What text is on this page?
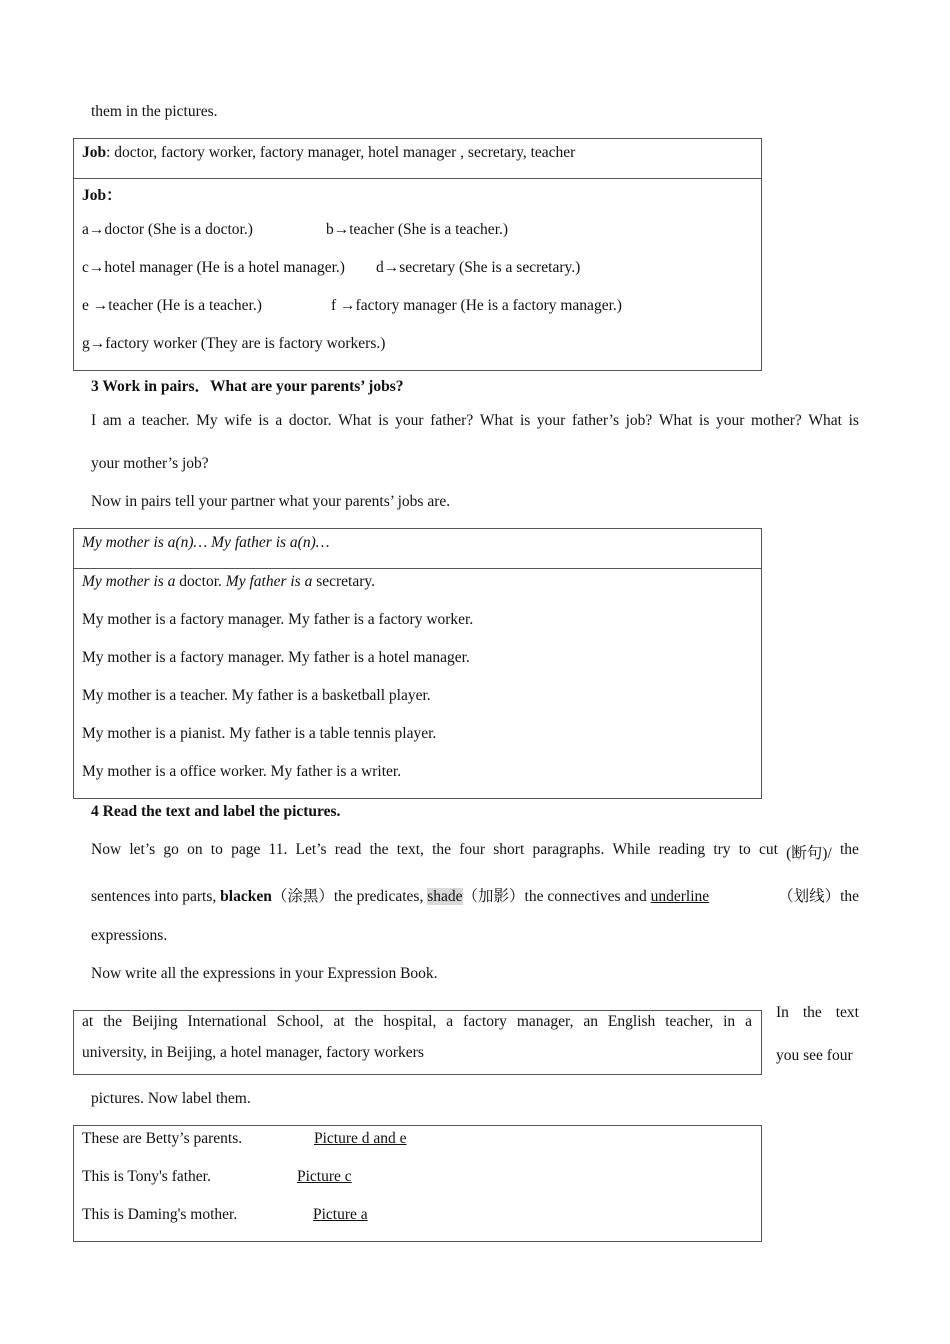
them in the pictures.
Job: doctor, factory worker, factory manager, hotel manager , secretary, teacher
Job：
a→doctor (She is a doctor.)	b→teacher (She is a teacher.)
c→hotel manager (He is a hotel manager.) d→secretary (She is a secretary.)
e →teacher (He is a teacher.)	f →factory manager (He is a factory manager.)
g→factory worker (They are is factory workers.)
3 Work in pairs．What are your parents’ jobs?
I am a teacher. My wife is a doctor. What is your father? What is your father’s job? What is your mother? What is
your mother’s job?
Now in pairs tell your partner what your parents’ jobs are.
My mother is a(n)… My father is a(n)…
My mother is a doctor. My father is a secretary.
My mother is a factory manager. My father is a factory worker.
My mother is a factory manager. My father is a hotel manager.
My mother is a teacher. My father is a basketball player.
My mother is a pianist. My father is a table tennis player.
My mother is a office worker. My father is a writer.
4 Read the text and label the pictures.
Now let’s go on to page 11. Let’s read the text, the four short paragraphs. While reading try to cut (断句)/ the
sentences into parts, blacken（涂黑）the predicates, shade（加影）the connectives and underline	（划线）the
expressions.
Now write all the expressions in your Expression Book.
at the Beijing International School, at the hospital, a factory manager, an English teacher, in a
university, in Beijing, a hotel manager, factory workers
In the text
you see four
pictures. Now label them.
These are Betty’s parents.	Picture d and e
This is Tony's father.	Picture c
This is Daming's mother.	Picture a
